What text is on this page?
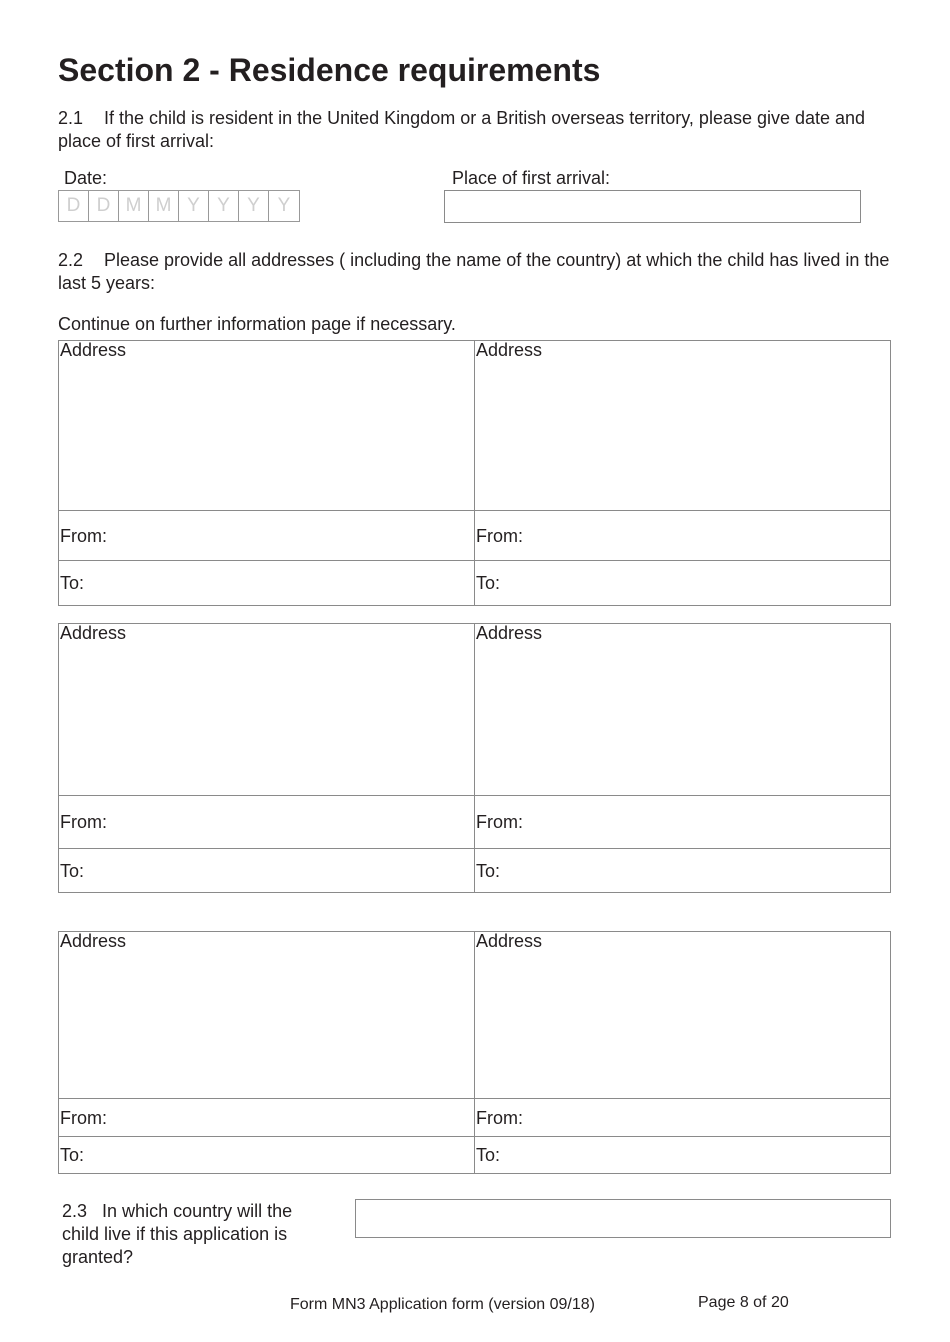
Section 2 - Residence requirements
2.1 If the child is resident in the United Kingdom or a British overseas territory, please give date and place of first arrival:
Date:
D D M M Y Y Y Y
Place of first arrival:
2.2 Please provide all addresses ( including the name of the country) at which the child has lived in the last 5 years:
Continue on further information page if necessary.
Address	Address

From:	From:
To:	To:
Address	Address

From:	From:
To:	To:
Address	Address

From:	From:
To:	To:
2.3 In which country will the child live if this application is granted?
Form MN3 Application form (version 09/18)	Page 8 of 20
